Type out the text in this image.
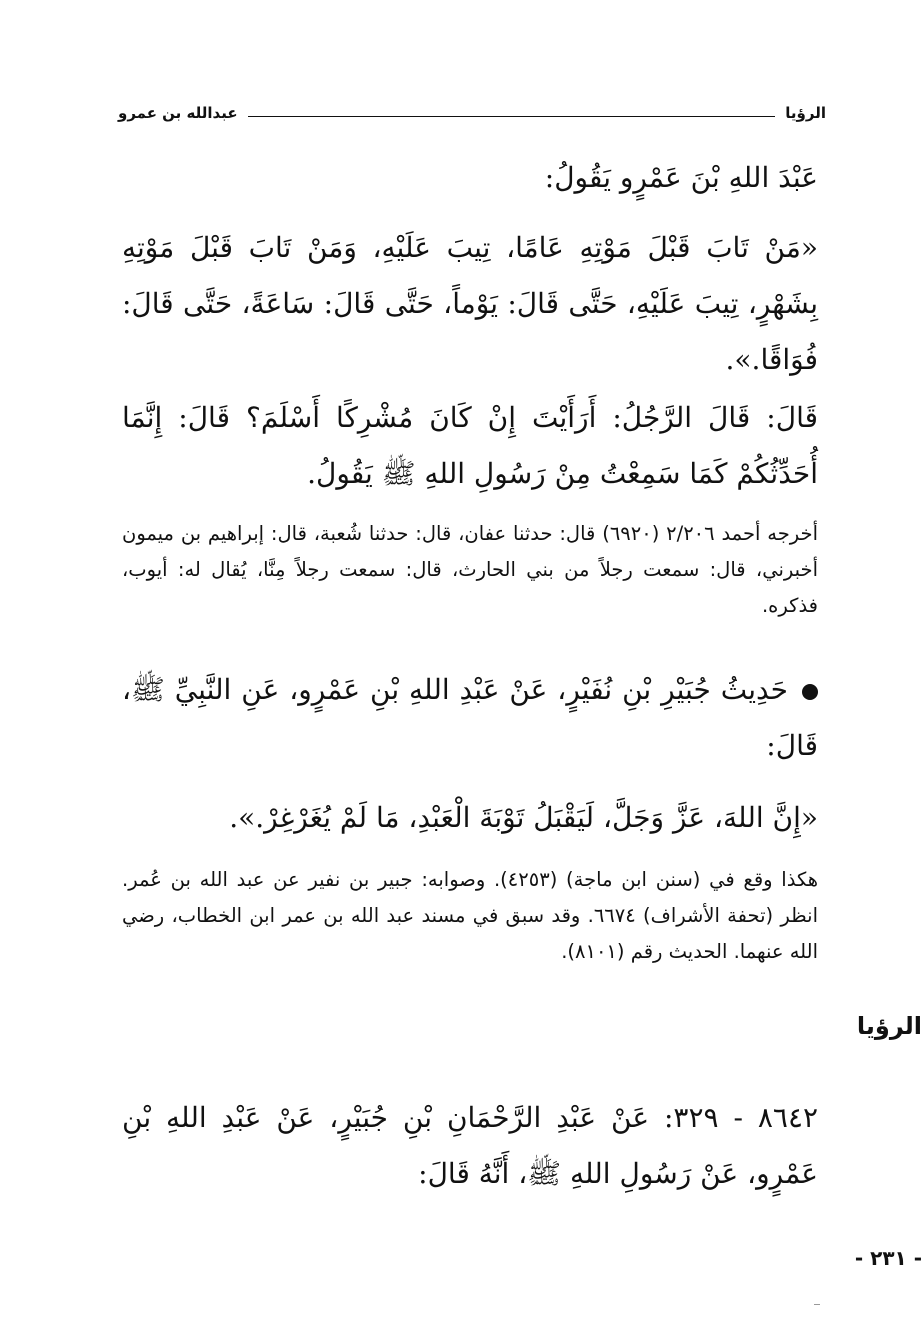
الرؤيا
عبدالله بن عمرو
عَبْدَ اللهِ بْنَ عَمْرٍو يَقُولُ:
«مَنْ تَابَ قَبْلَ مَوْتِهِ عَامًا، تِيبَ عَلَيْهِ، وَمَنْ تَابَ قَبْلَ مَوْتِهِ بِشَهْرٍ، تِيبَ عَلَيْهِ، حَتَّى قَالَ: يَوْماً، حَتَّى قَالَ: سَاعَةً، حَتَّى قَالَ: فُوَاقًا.».
قَالَ: قَالَ الرَّجُلُ: أَرَأَيْتَ إِنْ كَانَ مُشْرِكًا أَسْلَمَ؟ قَالَ: إِنَّمَا أُحَدِّثُكُمْ كَمَا سَمِعْتُ مِنْ رَسُولِ اللهِ ﷺ يَقُولُ.
أخرجه أحمد ٢/٢٠٦ (٦٩٢٠) قال: حدثنا عفان، قال: حدثنا شُعبة، قال: إبراهيم بن ميمون أخبرني، قال: سمعت رجلاً من بني الحارث، قال: سمعت رجلاً مِنَّا، يُقال له: أيوب، فذكره.
حَدِيثُ جُبَيْرِ بْنِ نُفَيْرٍ، عَنْ عَبْدِ اللهِ بْنِ عَمْرٍو، عَنِ النَّبِيِّ ﷺ، قَالَ:
«إِنَّ اللهَ، عَزَّ وَجَلَّ، لَيَقْبَلُ تَوْبَةَ الْعَبْدِ، مَا لَمْ يُغَرْغِرْ.».
هكذا وقع في (سنن ابن ماجة) (٤٢٥٣). وصوابه: جبير بن نفير عن عبد الله بن عُمر. انظر (تحفة الأشراف) ٦٦٧٤. وقد سبق في مسند عبد الله بن عمر ابن الخطاب، رضي الله عنهما. الحديث رقم (٨١٠١).
الرؤيا
٨٦٤٢ - ٣٢٩: عَنْ عَبْدِ الرَّحْمَانِ بْنِ جُبَيْرٍ، عَنْ عَبْدِ اللهِ بْنِ عَمْرٍو، عَنْ رَسُولِ اللهِ ﷺ، أَنَّهُ قَالَ:
- ٢٣١ -
